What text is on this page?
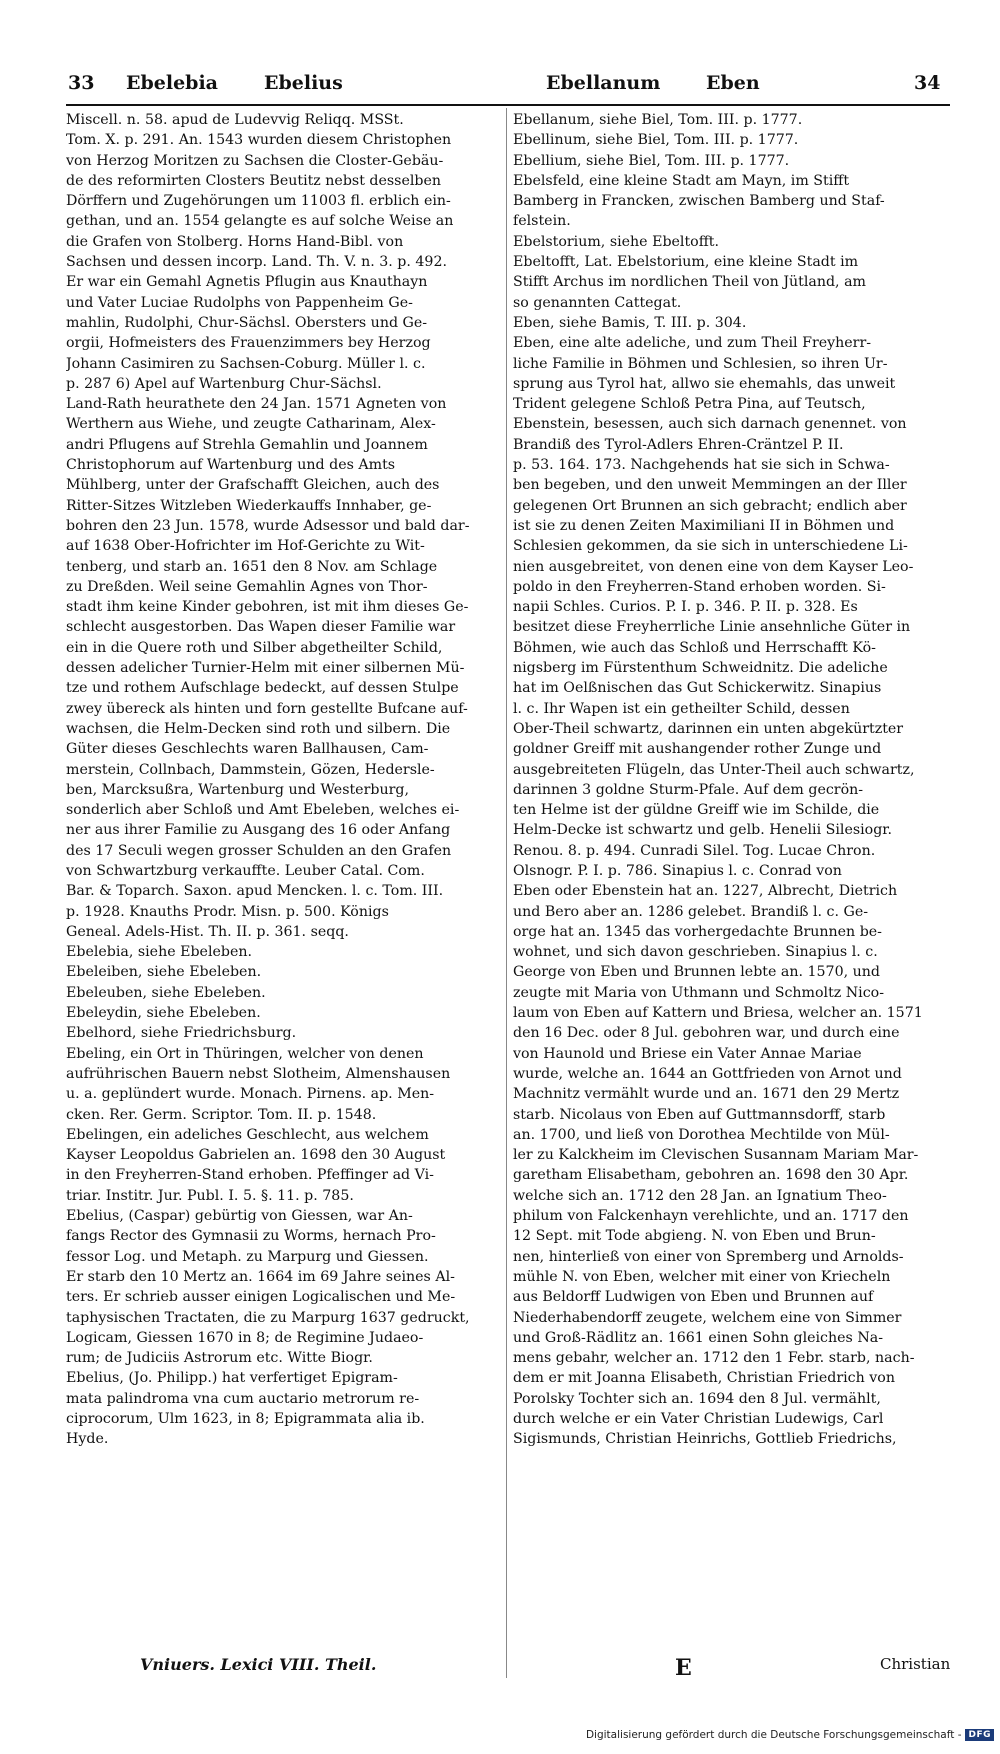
33 Ebelebia Ebelius	Ebellanum Eben	34
Miscell. n. 58. apud de Ludevvig Reliqq. MSSt.
Tom. X. p. 291. An. 1543 wurden diesem Christophen
von Herzog Moritzen zu Sachsen die Closter-Gebäu-
de des reformirten Closters Beutitz nebst desselben
Dörffern und Zugehörungen um 11003 fl. erblich ein-
gethan, und an. 1554 gelangte es auf solche Weise an
die Grafen von Stolberg. Horns Hand-Bibl. von
Sachsen und dessen incorp. Land. Th. V. n. 3. p. 492.
Er war ein Gemahl Agnetis Pflugin aus Knauthayn
und Vater Luciae Rudolphs von Pappenheim Ge-
mahlin, Rudolphi, Chur-Sächsl. Obersters und Ge-
orgii, Hofmeisters des Frauenzimmers bey Herzog
Johann Casimiren zu Sachsen-Coburg. Müller l. c.
p. 287 6) Apel auf Wartenburg Chur-Sächsl.
Land-Rath heurathete den 24 Jan. 1571 Agneten von
Werthern aus Wiehe, und zeugte Catharinam, Alex-
andri Pflugens auf Strehla Gemahlin und Joannem
Christophorum auf Wartenburg und des Amts
Mühlberg, unter der Grafschafft Gleichen, auch des
Ritter-Sitzes Witzleben Wiederkauffs Innhaber, ge-
bohren den 23 Jun. 1578, wurde Adsessor und bald dar-
auf 1638 Ober-Hofrichter im Hof-Gerichte zu Wit-
tenberg, und starb an. 1651 den 8 Nov. am Schlage
zu Dreßden. Weil seine Gemahlin Agnes von Thor-
stadt ihm keine Kinder gebohren, ist mit ihm dieses Ge-
schlecht ausgestorben. Das Wapen dieser Familie war
ein in die Quere roth und Silber abgetheilter Schild,
dessen adelicher Turnier-Helm mit einer silbernen Mü-
tze und rothem Aufschlage bedeckt, auf dessen Stulpe
zwey übereck als hinten und forn gestellte Bufcane auf-
wachsen, die Helm-Decken sind roth und silbern. Die
Güter dieses Geschlechts waren Ballhausen, Cam-
merstein, Collnbach, Dammstein, Gözen, Hedersle-
ben, Marcksußra, Wartenburg und Westerburg,
sonderlich aber Schloß und Amt Ebeleben, welches ei-
ner aus ihrer Familie zu Ausgang des 16 oder Anfang
des 17 Seculi wegen grosser Schulden an den Grafen
von Schwartzburg verkauffte. Leuber Catal. Com.
Bar. & Toparch. Saxon. apud Mencken. l. c. Tom. III.
p. 1928. Knauths Prodr. Misn. p. 500. Königs
Geneal. Adels-Hist. Th. II. p. 361. seqq.
Ebelebia, siehe Ebeleben.
Ebeleiben, siehe Ebeleben.
Ebeleuben, siehe Ebeleben.
Ebeleydin, siehe Ebeleben.
Ebelhord, siehe Friedrichsburg.
Ebeling, ein Ort in Thüringen, welcher von denen
aufrührischen Bauern nebst Slotheim, Almenshausen
u. a. geplündert wurde. Monach. Pirnens. ap. Men-
cken. Rer. Germ. Scriptor. Tom. II. p. 1548.
Ebelingen, ein adeliches Geschlecht, aus welchem
Kayser Leopoldus Gabrielen an. 1698 den 30 August
in den Freyherren-Stand erhoben. Pfeffinger ad Vi-
triar. Institr. Jur. Publ. I. 5. §. 11. p. 785.
Ebelius, (Caspar) gebürtig von Giessen, war An-
fangs Rector des Gymnasii zu Worms, hernach Pro-
fessor Log. und Metaph. zu Marpurg und Giessen.
Er starb den 10 Mertz an. 1664 im 69 Jahre seines Al-
ters. Er schrieb ausser einigen Logicalischen und Me-
taphysischen Tractaten, die zu Marpurg 1637 gedruckt,
Logicam, Giessen 1670 in 8; de Regimine Judaeo-
rum; de Judiciis Astrorum etc. Witte Biogr.
Ebelius, (Jo. Philipp.) hat verfertiget Epigram-
mata palindroma vna cum auctario metrorum re-
ciprocorum, Ulm 1623, in 8; Epigrammata alia ib.
Hyde.
Ebellanum, siehe Biel, Tom. III. p. 1777.
Ebellinum, siehe Biel, Tom. III. p. 1777.
Ebellium, siehe Biel, Tom. III. p. 1777.
Ebelsfeld, eine kleine Stadt am Mayn, im Stifft
Bamberg in Francken, zwischen Bamberg und Staf-
felstein.
Ebelstorium, siehe Ebeltofft.
Ebeltofft, Lat. Ebelstorium, eine kleine Stadt im
Stifft Archus im nordlichen Theil von Jütland, am
so genannten Cattegat.
Eben, siehe Bamis, T. III. p. 304.
Eben, eine alte adeliche, und zum Theil Freyherr-
liche Familie in Böhmen und Schlesien, so ihren Ur-
sprung aus Tyrol hat, allwo sie ehemahls, das unweit
Trident gelegene Schloß Petra Pina, auf Teutsch,
Ebenstein, besessen, auch sich darnach genennet. von
Brandiß des Tyrol-Adlers Ehren-Cräntzel P. II.
p. 53. 164. 173. Nachgehends hat sie sich in Schwa-
ben begeben, und den unweit Memmingen an der Iller
gelegenen Ort Brunnen an sich gebracht; endlich aber
ist sie zu denen Zeiten Maximiliani II in Böhmen und
Schlesien gekommen, da sie sich in unterschiedene Li-
nien ausgebreitet, von denen eine von dem Kayser Leo-
poldo in den Freyherren-Stand erhoben worden. Si-
napii Schles. Curios. P. I. p. 346. P. II. p. 328. Es
besitzet diese Freyherrliche Linie ansehnliche Güter in
Böhmen, wie auch das Schloß und Herrschafft Kö-
nigsberg im Fürstenthum Schweidnitz. Die adeliche
hat im Oelßnischen das Gut Schickerwitz. Sinapius
l. c. Ihr Wapen ist ein getheilter Schild, dessen
Ober-Theil schwartz, darinnen ein unten abgekürtzter
goldner Greiff mit aushangender rother Zunge und
ausgebreiteten Flügeln, das Unter-Theil auch schwartz,
darinnen 3 goldne Sturm-Pfale. Auf dem gecrön-
ten Helme ist der güldne Greiff wie im Schilde, die
Helm-Decke ist schwartz und gelb. Henelii Silesiogr.
Renou. 8. p. 494. Cunradi Silel. Tog. Lucae Chron.
Olsnogr. P. I. p. 786. Sinapius l. c. Conrad von
Eben oder Ebenstein hat an. 1227, Albrecht, Dietrich
und Bero aber an. 1286 gelebet. Brandiß l. c. Ge-
orge hat an. 1345 das vorhergedachte Brunnen be-
wohnet, und sich davon geschrieben. Sinapius l. c.
George von Eben und Brunnen lebte an. 1570, und
zeugte mit Maria von Uthmann und Schmoltz Nico-
laum von Eben auf Kattern und Briesa, welcher an. 1571
den 16 Dec. oder 8 Jul. gebohren war, und durch eine
von Haunold und Briese ein Vater Annae Mariae
wurde, welche an. 1644 an Gottfrieden von Arnot und
Machnitz vermählt wurde und an. 1671 den 29 Mertz
starb. Nicolaus von Eben auf Guttmannsdorff, starb
an. 1700, und ließ von Dorothea Mechtilde von Mül-
ler zu Kalckheim im Clevischen Susannam Mariam Mar-
garetham Elisabetham, gebohren an. 1698 den 30 Apr.
welche sich an. 1712 den 28 Jan. an Ignatium Theo-
philum von Falckenhayn verehlichte, und an. 1717 den
12 Sept. mit Tode abgieng. N. von Eben und Brun-
nen, hinterließ von einer von Spremberg und Arnolds-
mühle N. von Eben, welcher mit einer von Kriecheln
aus Beldorff Ludwigen von Eben und Brunnen auf
Niederhabendorff zeugete, welchem eine von Simmer
und Groß-Rädlitz an. 1661 einen Sohn gleiches Na-
mens gebahr, welcher an. 1712 den 1 Febr. starb, nach-
dem er mit Joanna Elisabeth, Christian Friedrich von
Porolsky Tochter sich an. 1694 den 8 Jul. vermählt,
durch welche er ein Vater Christian Ludewigs, Carl
Sigismunds, Christian Heinrichs, Gottlieb Friedrichs,
Vniuers. Lexici VIII. Theil.	E	Christian
Digitalisierung gefördert durch die Deutsche Forschungsgemeinschaft - DFG
